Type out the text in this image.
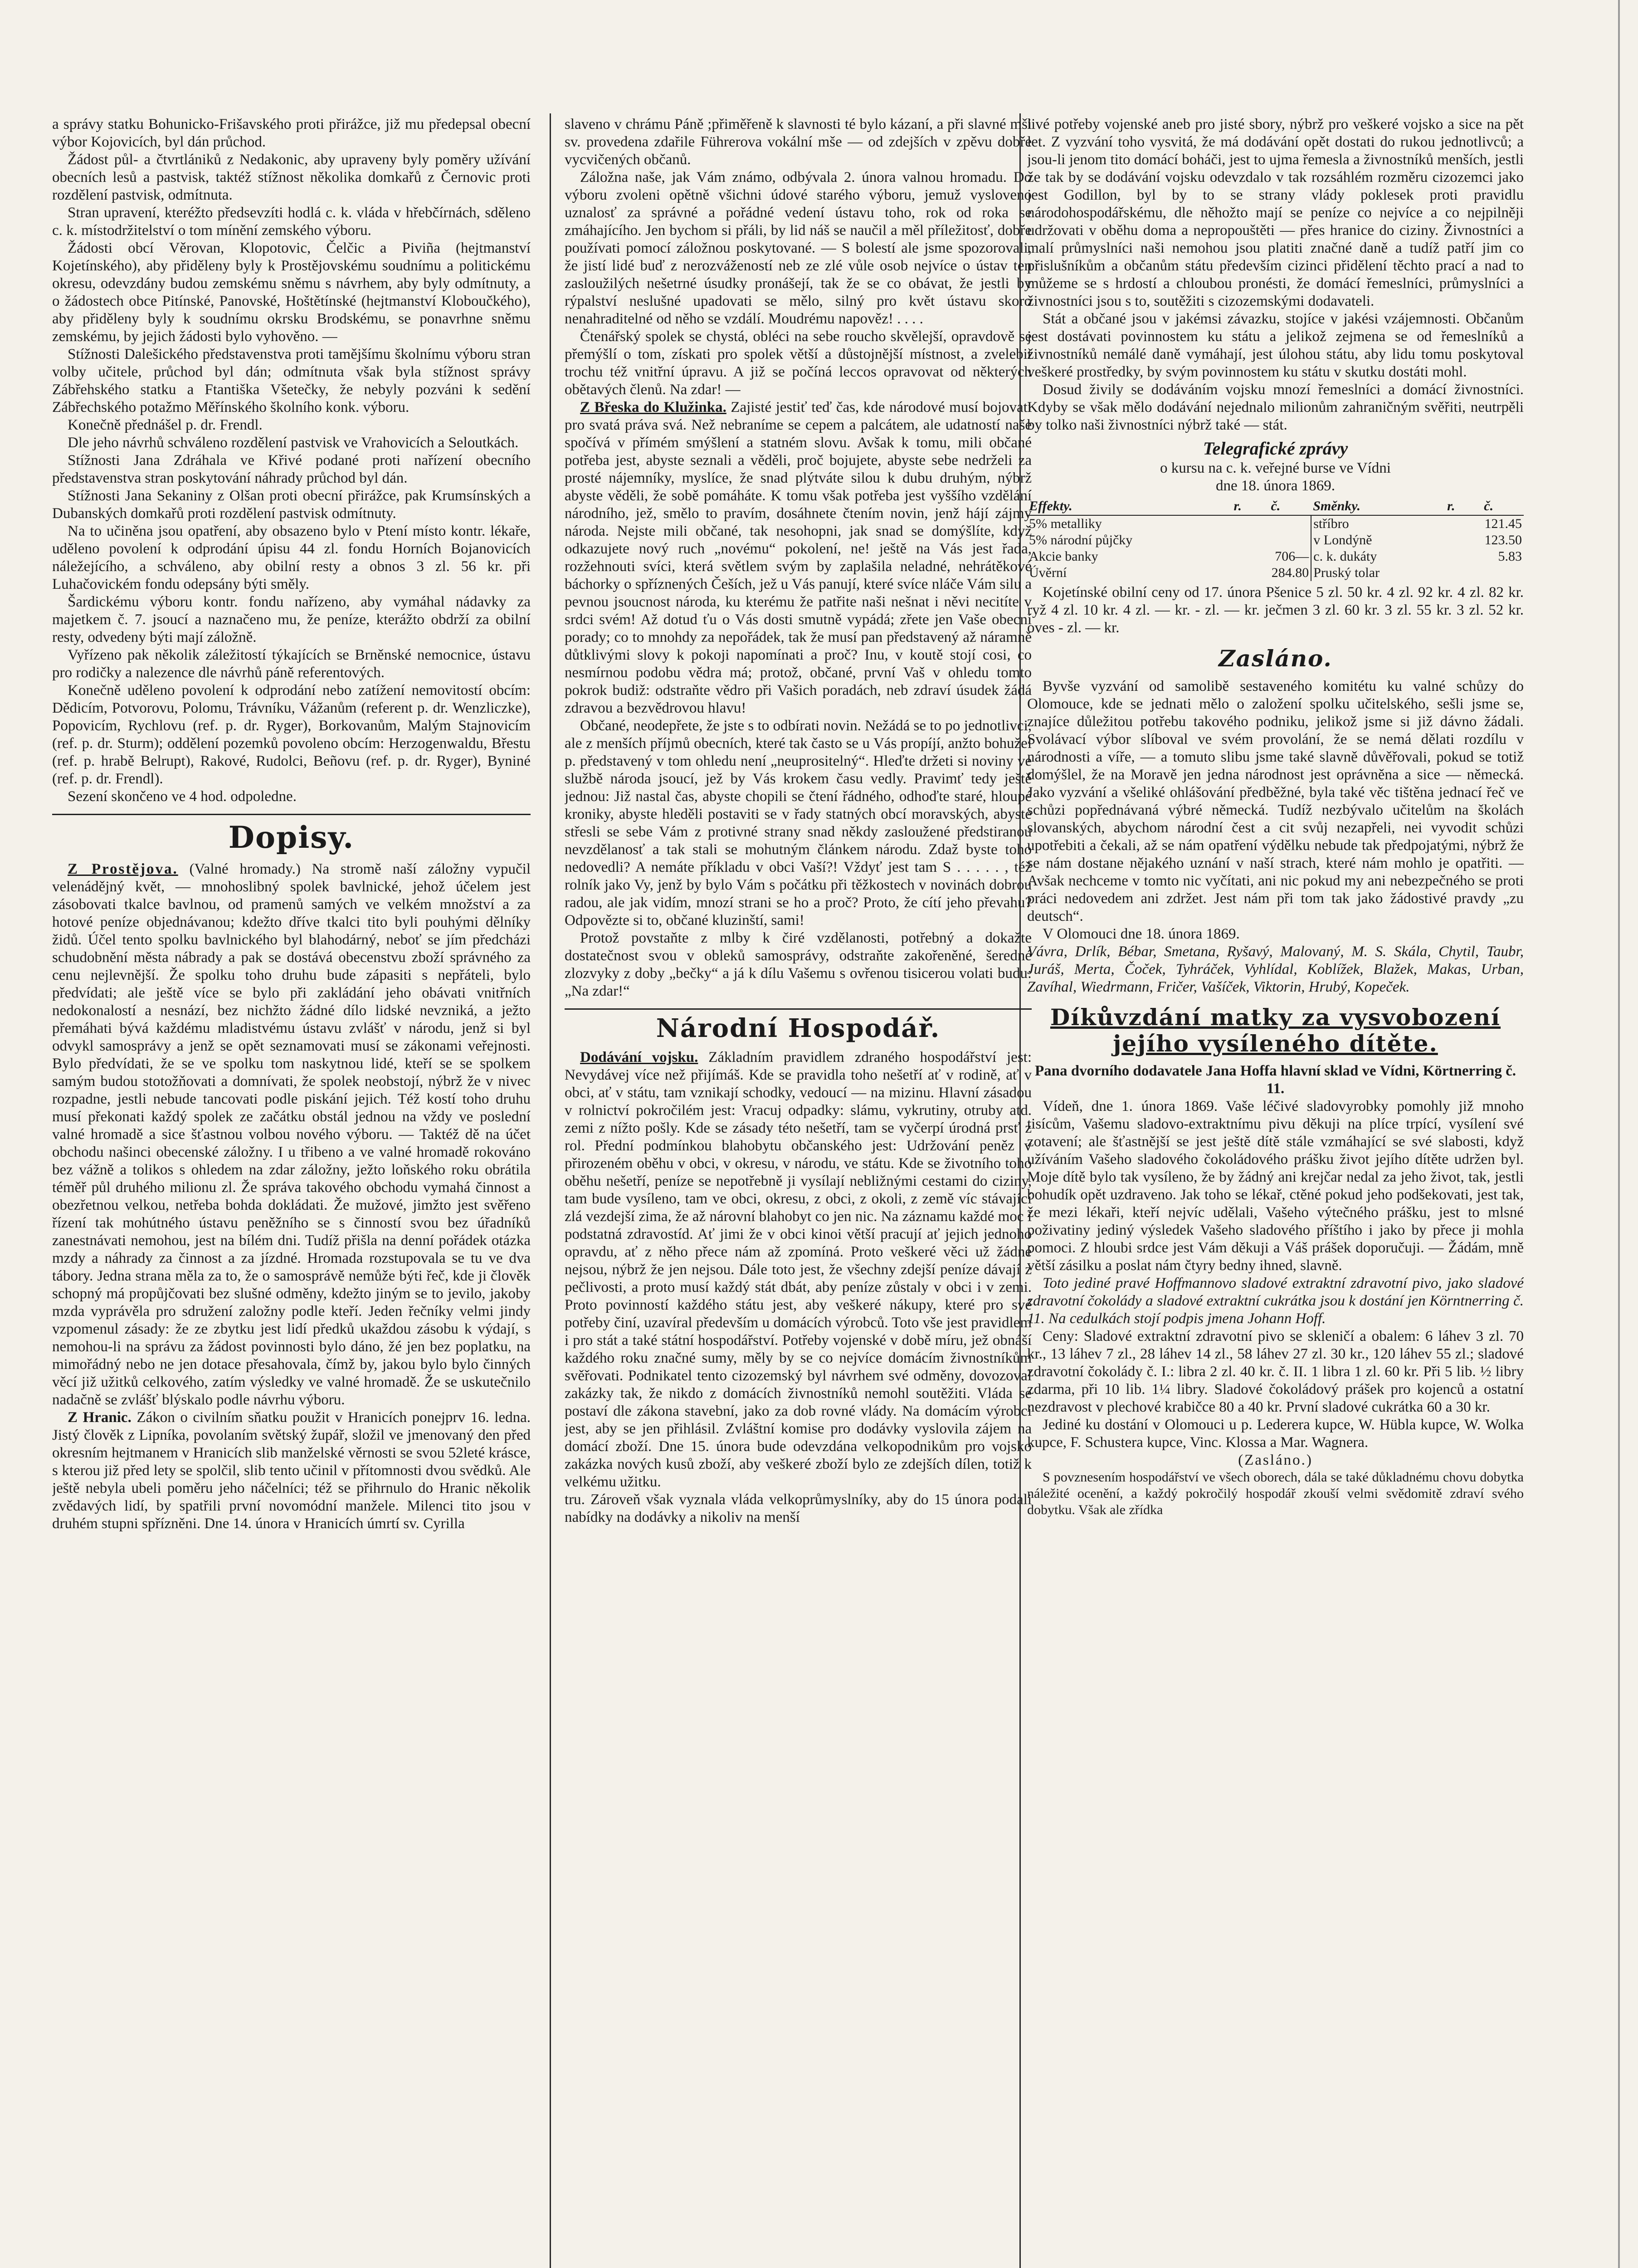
a správy statku Bohunicko-Frišavského proti přirážce, již mu předepsal obecní výbor Kojovicích, byl dán průchod.

Žádost půl- a čtvrtlániků z Nedakonic, aby upraveny byly poměry užívání obecních lesů a pastvisk, taktéž stížnost několika domkařů z Černovic proti rozdělení pastvisk, odmítnuta.

Stran upravení, kteréžto předsevzíti hodlá c. k. vláda v hřebčírnách, sděleno c. k. místodržitelství o tom mínění zemského výboru.

Žádosti obcí Věrovan, Klopotovic, Čelčic a Piviña (hejtmanství Kojetínského), aby přiděleny byly k Prostějovskému soudnímu a politickému okresu, odevzdány budou zemskému sněmu s návrhem, aby byly odmítnuty, a o žádostech obce Pitínské, Panovské, Hoštětínské (hejtmanství Kloboučkého), aby přiděleny byly k soudnímu okrsku Brodskému, se ponavrhne sněmu zemskému, by jejich žádosti bylo vyhověno. —

Stížnosti Dalešického představenstva proti tamějšímu školnímu výboru stran volby učitele, průchod byl dán; odmítnuta však byla stížnost správy Zábřehského statku a Ftantiška Všetečky, že nebyly pozváni k sedění Zábřechského potažmo Měřínského školního konk. výboru.

Konečně přednášel p. dr. Frendl.

Dle jeho návrhů schváleno rozdělení pastvisk ve Vrahovicích a Seloutkách.

Stížnosti Jana Zdráhala ve Křivé podané proti nařízení obecního představenstva stran poskytování náhrady průchod byl dán.

Stížnosti Jana Sekaniny z Olšan proti obecní přirážce, pak Krumsínských a Dubanských domkařů proti rozdělení pastvisk odmítnuty.

Na to učiněna jsou opatření, aby obsazeno bylo v Ptení místo kontr. lékaře, uděleno povolení k odprodání úpisu 44 zl. fondu Horních Bojanovicích náležejícího, a schváleno, aby obilní resty a obnos 3 zl. 56 kr. při Luhačovickém fondu odepsány býti směly.

Šardickému výboru kontr. fondu nařízeno, aby vymáhal nádavky za majetkem č. 7. jsoucí a naznačeno mu, že peníze, kterážto obdrží za obilní resty, odvedeny býti mají záložně.

Vyřízeno pak několik záležitostí týkajících se Brněnské nemocnice, ústavu pro rodičky a nalezence dle návrhů páně referentových.

Konečně uděleno povolení k odprodání nebo zatížení nemovitostí obcím: Dědicím, Potvorovu, Polomu, Trávníku, Vážanům (referent p. dr. Wenzliczke), Popovicím, Rychlovu (ref. p. dr. Ryger), Borkovanům, Malým Stajnovicím (ref. p. dr. Sturm); oddělení pozemků povoleno obcím: Herzogenwaldu, Břestu (ref. p. hrabě Belrupt), Rakové, Rudolci, Beñovu (ref. p. dr. Ryger), Byniné (ref. p. dr. Frendl).

Sezení skončeno ve 4 hod. odpoledne.

Dopisy.

Z Prostějova. (Valné hromady.) Na stromě naší záložny vypučil velenádějný květ, — mnohoslibný spolek bavlnické, jehož účelem jest zásobovati tkalce bavlnou, od pramenů samých ve velkém množství a za hotové peníze objednávanou; kdežto dříve tkalci tito byli pouhými dělníky židů. Účel tento spolku bavlnického byl blahodárný, neboť se jím předcházi schudobnění města nábrady a pak se dostává obecenstvu zboží správného za cenu nejlevnější. Že spolku toho druhu bude zápasiti s nepřáteli, bylo předvídati; ale ještě více se bylo při zakládání jeho obávati vnitřních nedokonalostí a nesnází, bez nichžto žádné dílo lidské nevzniká, a ježto přemáhati bývá každému mladistvému ústavu zvlášť v národu, jenž si byl odvykl samosprávy a jenž se opět seznamovati musí se zákonami veřejnosti. Bylo předvídati, že se ve spolku tom naskytnou lidé, kteří se se spolkem samým budou stotožňovati a domnívati, že spolek neobstojí, nýbrž že v nivec rozpadne, jestli nebude tancovati podle piskání jejich. Též kostí toho druhu musí překonati každý spolek ze začátku obstál jednou na vždy ve poslední valné hromadě a sice šťastnou volbou nového výboru. — Taktéž dě na účet obchodu našinci obecenské záložny. I u třibeno a ve valné hromadě rokováno bez vážně a tolikos s ohledem na zdar záložny, ježto loňského roku obrátila téměř půl druhého milionu zl. Že správa takového obchodu vymahá činnost a obezřetnou velkou, netřeba bohda dokládati. Že mužové, jimžto jest svěřeno řízení tak mohútného ústavu peněžního se s činností svou bez úřadníků zanestnávati nemohou, jest na bílém dni. Tudíž přišla na denní pořádek otázka mzdy a náhrady za činnost a za jízdné. Hromada rozstupovala se tu ve dva tábory. Jedna strana měla za to, že o samosprávě nemůže býti řeč, kde ji člověk schopný má propůjčovati bez slušné odměny, kdežto jiným se to jevilo, jakoby mzda vyprávěla pro sdružení založny podle kteří. Jeden řečníky velmi jindy vzpomenul zásady: že ze zbytku jest lidí předků ukaždou zásobu k výdají, s nemohou-li na správu za žádost povinnosti bylo dáno, žé jen bez poplatku, na mimořádný nebo ne jen dotace přesahovala, čímž by, jakou bylo bylo činných věcí již užitků celkového, zatím výsledky ve valné hromadě. Že se uskutečnilo nadačně se zvlášť blýskalo podle návrhu výboru.

Z Hranic. Zákon o civilním sňatku použit v Hranicích ponejprv 16. ledna. Jistý člověk z Lipníka, povolaním světský župář, složil ve jmenovaný den před okresním hejtmanem v Hranicích slib manželské věrnosti se svou 52leté krásce, s kterou již před lety se spolčil, slib tento učinil v přítomnosti dvou svědků. Ale ještě nebyla ubeli poměru jeho náčelníci; též se přihrnulo do Hranic několik zvědavých lidí, by spatřili první novomódní manžele. Milenci tito jsou v druhém stupni spřízněni. Dne 14. února v Hranicích úmrtí sv. Cyrilla

slaveno v chrámu Páně ;přiměřeně k slavnosti té bylo kázaní, a při slavné mši sv. provedena zdařile Führerova vokální mše — od zdejších v zpěvu dobře vycvičených občanů.

Záložna naše, jak Vám známo, odbývala 2. února valnou hromadu. Do výboru zvoleni opětně všichni údové starého výboru, jemuž vysloveno uznalosť za správné a pořádné vedení ústavu toho, rok od roka se zmáhajícího. Jen bychom si přáli, by lid náš se naučil a měl příležitosť, dobře používati pomocí záložnou poskytované. — S bolestí ale jsme spozorovali, že jistí lidé buď z nerozvážeností neb ze zlé vůle osob nejvíce o ústav ten zasloužilých nešetrné úsudky pronášejí, tak že se co obávat, že jestli by rýpalství neslušné upadovati se mělo, silný pro květ ústavu skoro nenahraditelné od něho se vzdálí. Moudrému napověz! . . . .

Čtenářský spolek se chystá, obléci na sebe roucho skvělejší, opravdově se přemýšlí o tom, získati pro spolek větší a důstojnější místnost, a zvelebit trochu též vnitřní úpravu. A již se počíná leccos opravovat od některých obětavých členů. Na zdar! —

Z Břeska do Klužinka. Zajisté jestiť teď čas, kde národové musí bojovati pro svatá práva svá. Než nebraníme se cepem a palcátem, ale udatností naše spočívá v přímém smýšlení a statném slovu. Avšak k tomu, mili občané potřeba jest, abyste seznali a věděli, proč bojujete, abyste sebe nedrželi za prosté nájemníky, myslíce, že snad plýtváte silou k dubu druhým, nýbrž abyste věděli, že sobě pomáháte. K tomu však potřeba jest vyššího vzdělání národního, jež, smělo to pravím, dosáhnete čtením novin, jenž hájí zájmy národa. Nejste mili občané, tak nesohopni, jak snad se domýšlíte, když odkazujete nový ruch „novému“ pokolení, ne! ještě na Vás jest řada, rozžehnouti svíci, která světlem svým by zaplašila neladné, nehrátěkové báchorky o spříznených Češích, jež u Vás panují, které svíce nláče Vám silu a pevnou jsoucnost národa, ku kterému že patřite naši nešnat i něvi necitíte v srdci svém! Až dotud ťu o Vás dosti smutně vypádá; zřete jen Vaše obecní porady; co to mnohdy za nepořádek, tak že musí pan představený až náramně důtklivými slovy k pokoji napomínati a proč? Inu, v koutě stojí cosi, co nesmírnou podobu vědra má; protož, občané, první Vaš v ohledu tomto pokrok budiž: odstraňte vědro při Vašich poradách, neb zdraví úsudek žádá zdravou a bezvědrovou hlavu!

Občané, neodepřete, že jste s to odbírati novin. Nežádá se to po jednotlivci, ale z menších příjmů obecních, které tak často se u Vás propíjí, anžto bohužel p. představený v tom ohledu není „neuprositelný“. Hleďte držeti si noviny ve službě národa jsoucí, jež by Vás krokem času vedly. Pravimť tedy ještě jednou: Již nastal čas, abyste chopili se čtení řádného, odhoďte staré, hloupé kroniky, abyste hleděli postaviti se v řady statných obcí moravských, abyste střesli se sebe Vám z protivné strany snad někdy zasloužené předstiranou nevzdělanosť a tak stali se mohutným článkem národu. Zdaž byste toho nedovedli? A nemáte příkladu v obci Vaší?! Vždyť jest tam S . . . . . , též rolník jako Vy, jenž by bylo Vám s počátku při těžkostech v novinách dobrou radou, ale jak vidím, mnozí strani se ho a proč? Proto, že cítí jeho převahu? Odpovězte si to, občané kluzinští, sami!

Protož povstaňte z mlby k čiré vzdělanosti, potřebný a dokažte dostatečnost svou v obleků samosprávy, odstraňte zakořeněné, šeredné zlozvyky z doby „bečky“ a já k dílu Vašemu s ovřenou tisicerou volati budu: „Na zdar!“

Národní Hospodář.

Dodávání vojsku. Základním pravidlem zdraného hospodářství jest: Nevydávej více než přijímáš. Kde se pravidla toho nešetří ať v rodině, ať v obci, ať v státu, tam vznikají schodky, vedoucí — na mizinu. Hlavní zásadou v rolnictví pokročilém jest: Vracuj odpadky: slámu, vykrutiny, otruby atd. zemi z nížto pošly. Kde se zásady této nešetří, tam se vyčerpí úrodná prsť z rol. Přední podmínkou blahobytu občanského jest: Udržování peněz v přirozeném oběhu v obci, v okresu, v národu, ve státu. Kde se životního toho oběhu nešetří, peníze se nepotřebně ji vysílají nebližnými cestami do ciziny, tam bude vysíleno, tam ve obci, okresu, z obci, z okoli, z země víc stávající zlá vezdejší zima, že až nárovní blahobyt co jen nic. Na záznamu každé moc i podstatná zdravostíd. Ať jimi že v obci kinoi větší pracují ať jejich jednoho opravdu, ať z něho přece nám až zpomíná. Proto veškeré věci už žádné nejsou, nýbrž že jen nejsou. Dále toto jest, že všechny zdejší peníze dávají z pečlivosti, a proto musí každý stát dbát, aby peníze zůstaly v obci i v zemi. Proto povinností každého státu jest, aby veškeré nákupy, které pro své potřeby činí, uzavíral především u domácích výrobců. Toto vše jest pravidlem i pro stát a také státní hospodářství. Potřeby vojenské v době míru, jež obnáší každého roku značné sumy, měly by se co nejvíce domácím živnostníkům svěřovati. Podnikatel tento cizozemský byl návrhem své odměny, dovozoval zakázky tak, že nikdo z domácích živnostníků nemohl soutěžiti. Vláda se postaví dle zákona stavební, jako za dob rovné vlády. Na domácím výrobci jest, aby se jen přihlásil. Zvláštní komise pro dodávky vyslovila zájem na domácí zboží. Dne 15. února bude odevzdána velkopodnikům pro vojsko zakázka nových kusů zboží, aby veškeré zboží bylo ze zdejších dílen, totiž k velkému užitku.

tru. Zároveň však vyznala vláda velkoprůmyslníky, aby do 15 února podali nabídky na dodávky a nikoliv na menší

livé potřeby vojenské aneb pro jisté sbory, nýbrž pro veškeré vojsko a sice na pět let. Z vyzvání toho vysvitá, že má dodávání opět dostati do rukou jednotlivců; a jsou-li jenom tito domácí boháči, jest to ujma řemesla a živnostníků menších, jestli že tak by se dodávání vojsku odevzdalo v tak rozsáhlém rozměru cizozemci jako jest Godillon, byl by to se strany vlády poklesek proti pravidlu národohospodářskému, dle něhožto mají se peníze co nejvíce a co nejpilněji udržovati v oběhu doma a nepropouštěti — přes hranice do ciziny. Živnostníci a malí průmyslníci naši nemohou jsou platiti značné daně a tudíž patří jim co přislušníkům a občanům státu především cizinci přidělení těchto prací a nad to můžeme se s hrdostí a chloubou pronésti, že domácí řemeslníci, průmyslníci a živnostníci jsou s to, soutěžiti s cizozemskými dodavateli.

Stát a občané jsou v jakémsi závazku, stojíce v jakési vzájemnosti. Občanům jest dostávati povinnostem ku státu a jelikož zejmena se od řemeslníků a živnostníků nemálé daně vymáhají, jest úlohou státu, aby lidu tomu poskytoval veškeré prostředky, by svým povinnostem ku státu v skutku dostáti mohl.

Dosud živily se dodáváním vojsku mnozí řemeslníci a domácí živnostníci. Kdyby se však mělo dodávání nejednalo milionům zahraničným svěřiti, neutrpěli by tolko naši živnostníci nýbrž také — stát.

Telegrafické zprávy
o kursu na c. k. veřejné burse ve Vídni
dne 18. února 1869.
Effekty.	r.	č.	Směnky.	r.	č.
5% metalliky			stříbro	121.45	
5% národní půjčky			v Londýně	123.50	
Akcie banky	706—		c. k. dukáty	5.83	
Úvěrní	284.80		Pruský tolar		

Kojetínské obilní ceny od 17. února Pšenice 5 zl. 50 kr. 4 zl. 92 kr. 4 zl. 82 kr. ryž 4 zl. 10 kr. 4 zl. — kr. - zl. — kr. ječmen 3 zl. 60 kr. 3 zl. 55 kr. 3 zl. 52 kr. oves - zl. — kr.

Zasláno.

Byvše vyzvání od samolibě sestaveného komitétu ku valné schůzy do Olomouce, kde se jednati mělo o založení spolku učitelského, sešli jsme se, znajíce důležitou potřebu takového podniku, jelikož jsme si již dávno žádali. Svolávací výbor slíboval ve svém provolání, že se nemá dělati rozdílu v národnosti a víře, — a tomuto slibu jsme také slavně důvěřovali, pokud se totiž domýšlel, že na Moravě jen jedna národnost jest oprávněna a sice — německá. Jako vyzvání a všeliké ohlášování předběžné, byla také věc tištěna jednací řeč ve schůzi popřednávaná výbré německá. Tudíž nezbývalo učitelům na školách slovanských, abychom národní čest a cit svůj nezapřeli, nei vyvodit schůzi upotřebiti a čekali, až se nám opatření výdělku nebude tak předpojatými, nýbrž že se nám dostane nějakého uznání v naší strach, které nám mohlo je opatřiti. — Avšak nechceme v tomto nic vyčítati, ani nic pokud my ani nebezpečného se proti práci nedovedem ani zdržet. Jest nám při tom tak jako žádostivé pravdy „zu deutsch“.

V Olomouci dne 18. února 1869.

Vávra, Drlík, Bébar, Smetana, Ryšavý, Malovaný, M. S. Skála, Chytil, Taubr, Juráš, Merta, Čoček, Tyhráček, Vyhlídal, Koblížek, Blažek, Makas, Urban, Zavíhal, Wiedrmann, Fričer, Vašíček, Viktorin, Hrubý, Kopeček.

Díkůvzdání matky za vysvobození jejího vysíleného dítěte.

Pana dvorního dodavatele Jana Hoffa hlavní sklad ve Vídni, Körtnerring č. 11.

Vídeň, dne 1. února 1869. Vaše léčivé sladovyrobky pomohly již mnoho tisícům, Vašemu sladovo-extraktnímu pivu děkuji na plíce trpící, vysílení své zotavení; ale šťastnější se jest ještě dítě stále vzmáhající se své slabosti, když užíváním Vašeho sladového čokoládového prášku život jejího dítěte udržen byl. Moje dítě bylo tak vysíleno, že by žádný ani krejčar nedal za jeho život, tak, jestli bohudík opět uzdraveno. Jak toho se lékař, ctěné pokud jeho podšekovati, jest tak, že mezi lékaři, kteří nejvíc udělali, Vašeho výtečného prášku, jest to mlsné poživatiny jediný výsledek Vašeho sladového příštího i jako by přece ji mohla pomoci. Z hloubi srdce jest Vám děkuji a Váš prášek doporučuji. — Žádám, mně větší zásilku a poslat nám čtyry bedny ihned, slavně.

Toto jediné pravé Hoffmannovo sladové extraktní zdravotní pivo, jako sladové zdravotní čokolády a sladové extraktní cukrátka jsou k dostání jen Körntnerring č. 11. Na cedulkách stojí podpis jmena Johann Hoff.

Ceny: Sladové extraktní zdravotní pivo se skleničí a obalem: 6 láhev 3 zl. 70 kr., 13 láhev 7 zl., 28 láhev 14 zl., 58 láhev 27 zl. 30 kr., 120 láhev 55 zl.; sladové zdravotní čokolády č. I.: libra 2 zl. 40 kr. č. II. 1 libra 1 zl. 60 kr. Při 5 lib. ½ libry zdarma, při 10 lib. 1¼ libry. Sladové čokoládový prášek pro kojenců a ostatní nezdravost v plechové krabičce 80 a 40 kr. První sladové cukrátka 60 a 30 kr.

Jediné ku dostání v Olomouci u p. Lederera kupce, W. Hübla kupce, W. Wolka kupce, F. Schustera kupce, Vinc. Klossa a Mar. Wagnera.

(Zasláno.)

S povznesením hospodářství ve všech oborech, dála se také důkladnému chovu dobytka náležité ocenění, a každý pokročilý hospodář zkouší velmi svědomitě zdraví svého dobytku. Však ale zřídka
